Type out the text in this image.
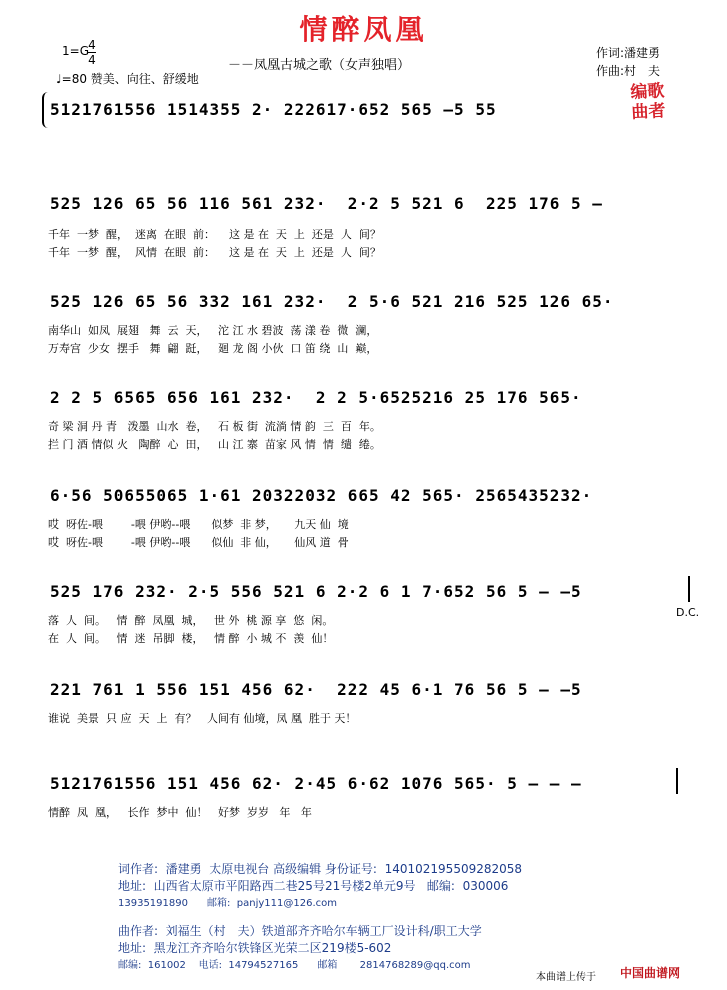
情醉凤凰
1=G 4
4
♩=80 赞美、向往、舒缓地
－－凤凰古城之歌（女声独唱）
作词:潘建勇
作曲:村　夫
编歌曲者
5121761556 1514355 2· 222617·652 565 –5 55
525 126 65 56 116 561 232·  2·2 5 521 6  225 176 5 –
千年  一梦  醒，  迷离  在眼  前：    这 是 在  天  上  还是  人  间？
千年  一梦  醒，  风情  在眼  前：    这 是 在  天  上  还是  人  间？
525 126 65 56 332 161 232·  2 5·6 521 216 525 126 65·
南华山  如凤  展翅   舞  云  天，   沱 江 水 碧波  荡 漾 卷  微  澜，
万寿宫  少女  摆手   舞  翩  跹，   廻 龙 阁 小伙  口 笛 绕  山  巅，
2 2 5 6565 656 161 232·  2 2 5·6525216 25 176 565·
奇 梁 洞 丹 青   泼墨  山水  卷，   石 板 街  流淌 情 韵  三  百  年。
拦 门 酒 情似 火   陶醉  心  田，   山 江 寨  苗家 风 情  情  缱  绻。
6·56 50655065 1·61 20322032 665 42 565· 2565435232·
哎  呀佐-喂        -喂 伊哟--喂      似梦  非 梦，     九天 仙  境
哎  呀佐-喂        -喂 伊哟--喂      似仙  非 仙，     仙风 道  骨
525 176 232· 2·5 556 521 6 2·2 6 1 7·652 56 5 – –5
落  人  间。   情  醉  凤凰  城，   世 外  桃 源 享  悠  闲。
在  人  间。   情  迷  吊脚  楼，   情 醉  小 城 不  羡  仙！
D.C.
221 761 1 556 151 456 62·  222 45 6·1 76 56 5 – –5
谁说  美景  只 应  天  上  有？   人间有 仙境，凤 凰  胜于 天！
5121761556 151 456 62· 2·45 6·62 1076 565· 5 – – –
情醉  凤  凰，   长作  梦中  仙！   好梦  岁岁   年   年
词作者:  潘建勇  太原电视台 高级编辑 身份证号:  140102195509282058
地址:  山西省太原市平阳路西二巷25号21号楼2单元9号   邮编:  030006
13935191890      邮箱:  panjy111@126.com
曲作者:  刘福生（村　夫）铁道部齐齐哈尔车辆工厂设计科/职工大学
地址:  黑龙江齐齐哈尔铁锋区光荣二区219楼5-602
邮编:  161002    电话:  14794527165      邮箱       2814768289@qq.com
本曲谱上传于 中国曲谱网
